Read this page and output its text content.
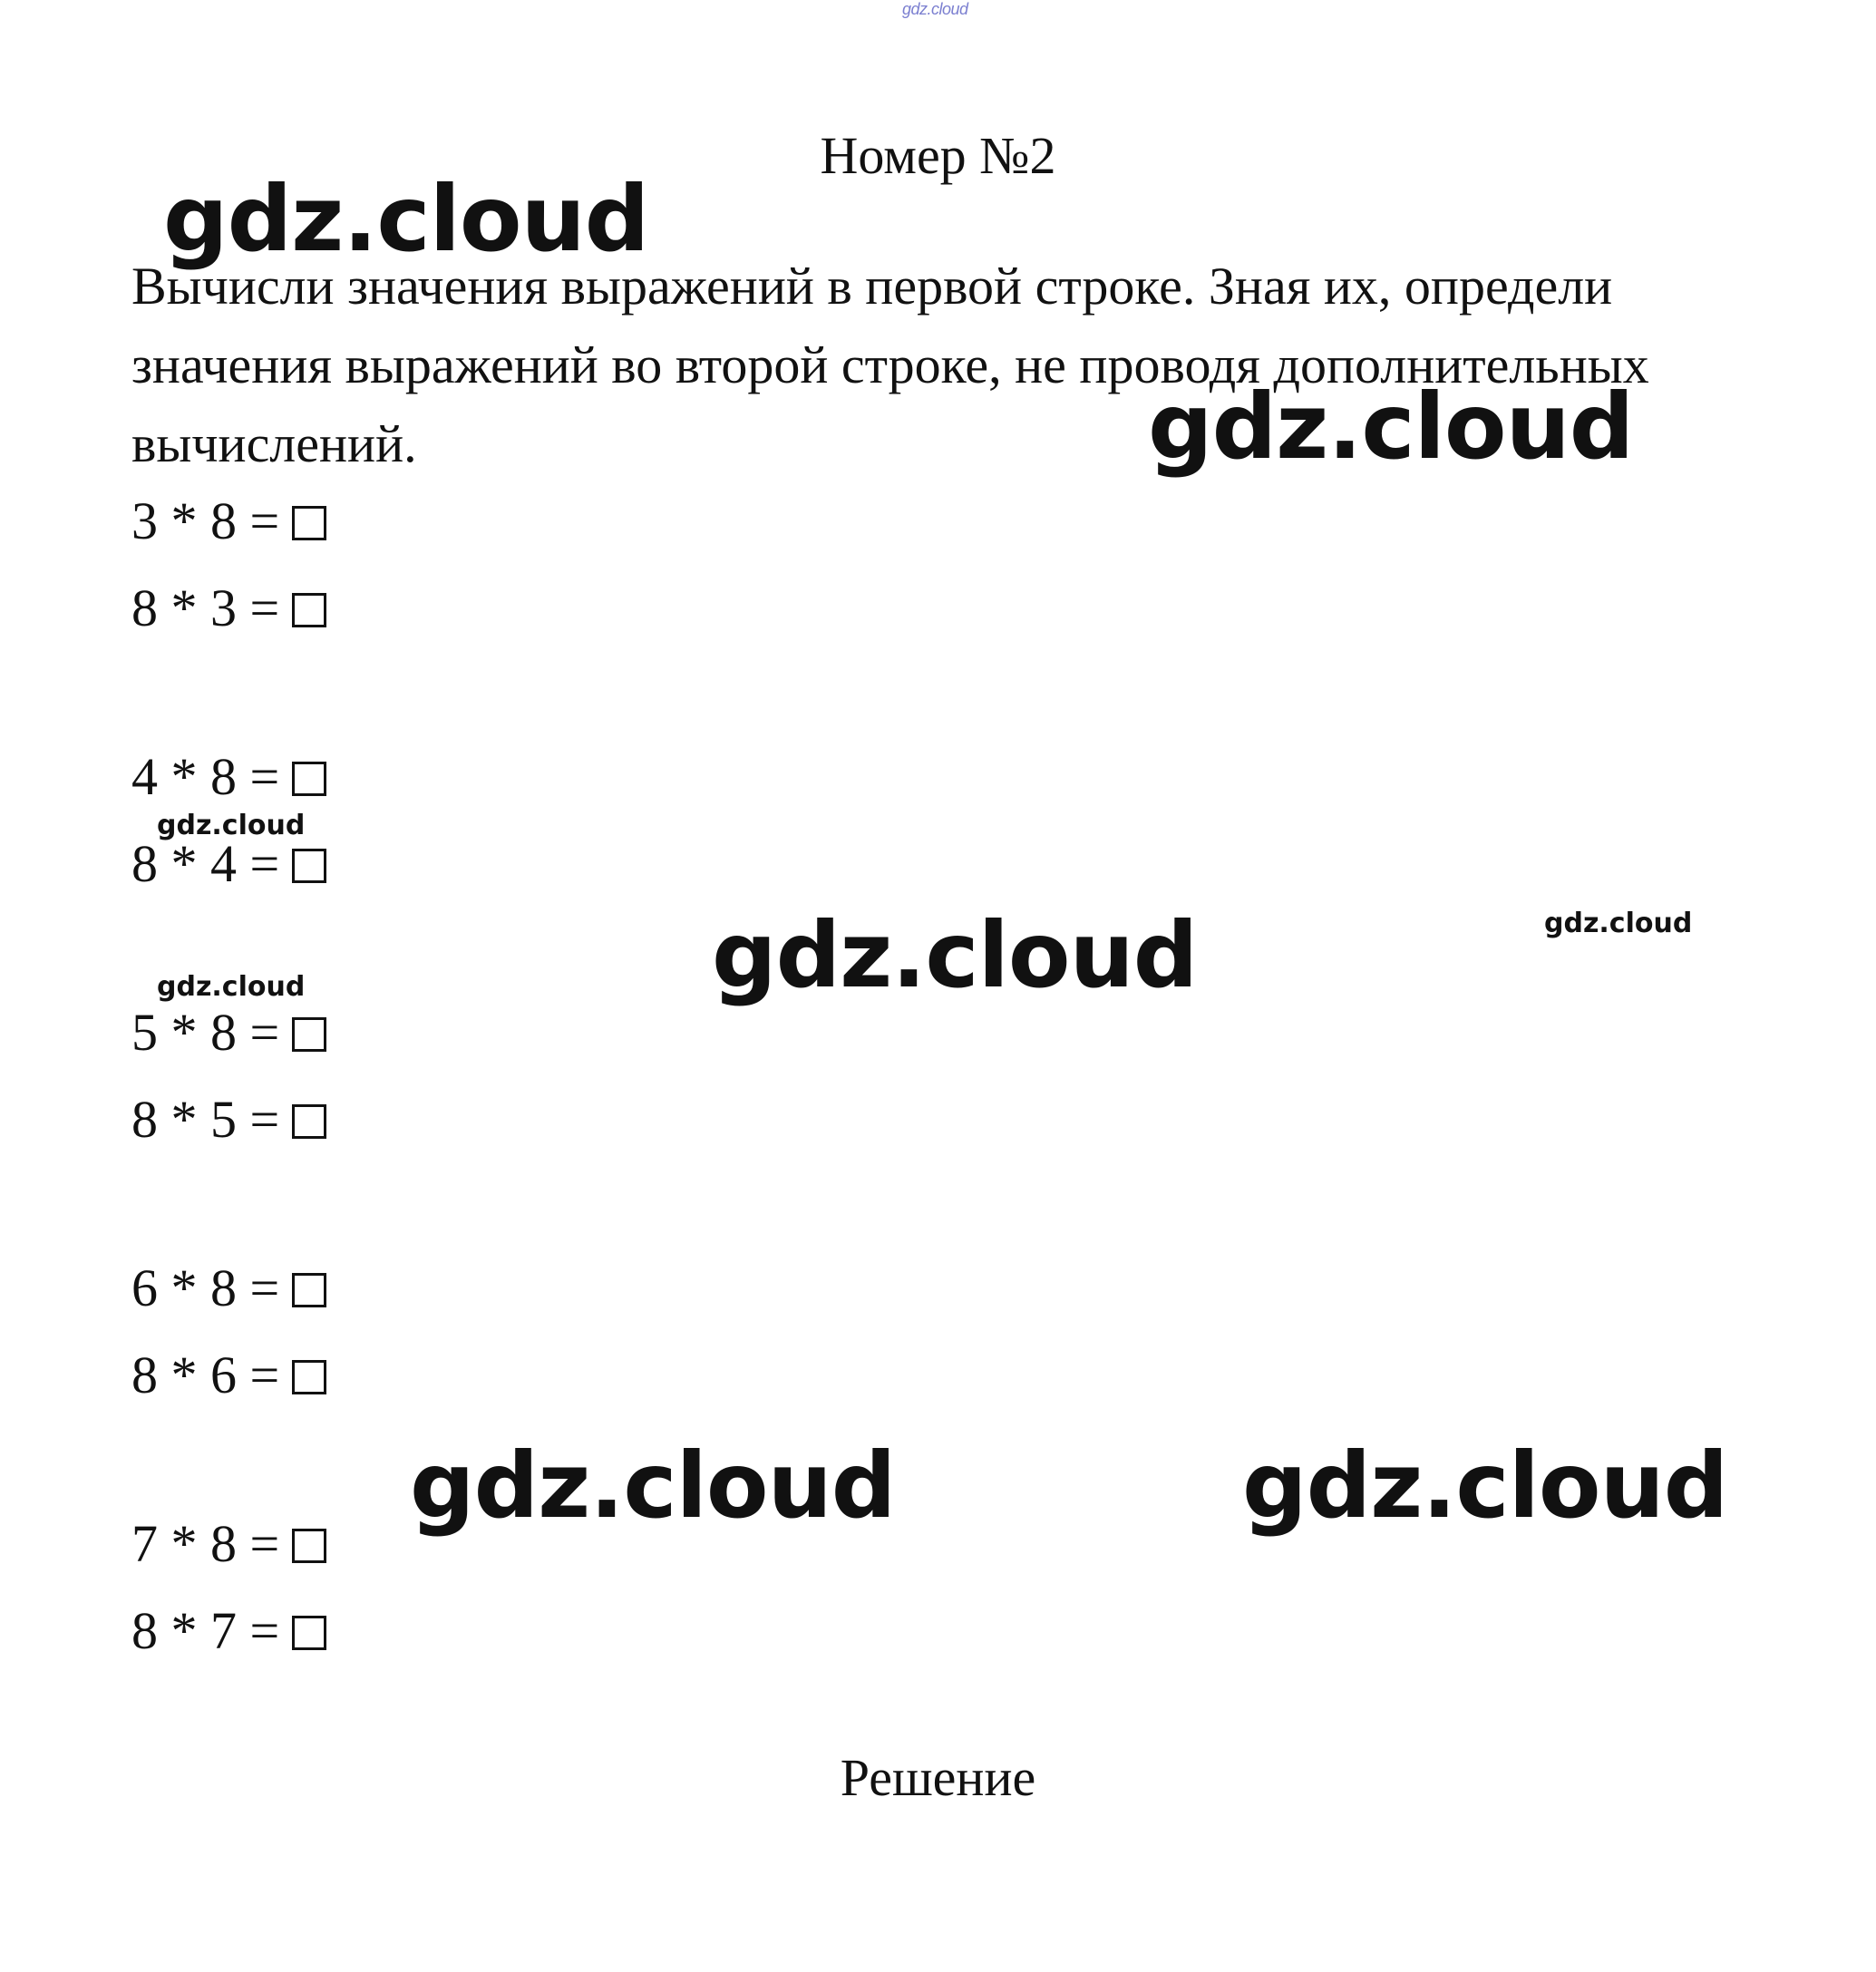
gdz.cloud
Номер №2
Вычисли значения выражений в первой строке. Зная их, определи значения выражений во второй строке, не проводя дополнительных вычислений.
3 * 8 =
8 * 3 =
4 * 8 =
8 * 4 =
5 * 8 =
8 * 5 =
6 * 8 =
8 * 6 =
7 * 8 =
8 * 7 =
gdz.cloud
gdz.cloud
gdz.cloud
gdz.cloud	gdz.cloud
gdz.cloud
gdz.cloud	gdz.cloud
Решение
